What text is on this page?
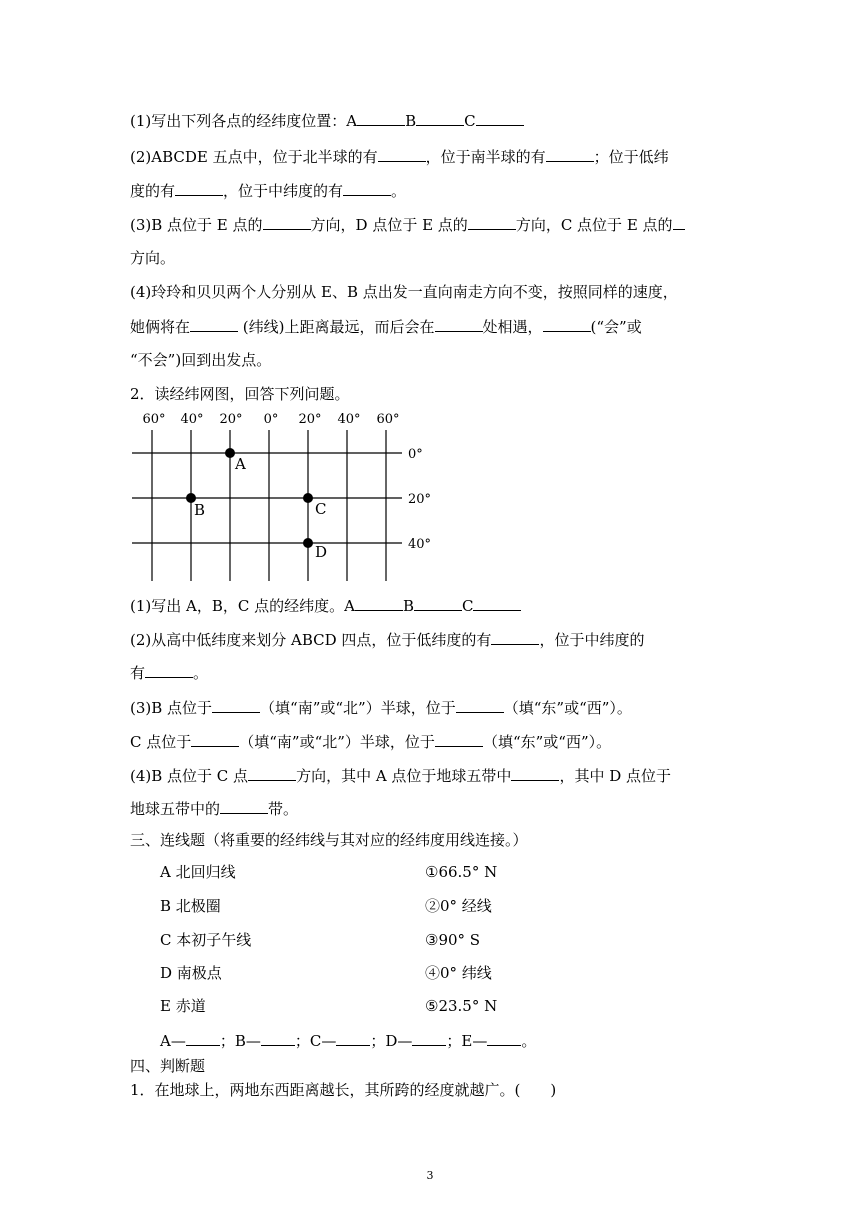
(1)写出下列各点的经纬度位置：A	B	C
(2)ABCDE 五点中，位于北半球的有	，位于南半球的有	；位于低纬
度的有	，位于中纬度的有	。
(3)B 点位于 E 点的	方向，D 点位于 E 点的	方向，C 点位于 E 点的
方向。
(4)玲玲和贝贝两个人分别从 E、B 点出发一直向南走方向不变，按照同样的速度，
她俩将在	(纬线)上距离最远，而后会在	处相遇，	(“会”或
“不会”)回到出发点。
2．读经纬网图，回答下列问题。
60° 40° 20° 0° 20° 40° 60°
0°
20°
40°
A
B	C
D
(1)写出 A，B，C 点的经纬度。A	B	C
(2)从高中低纬度来划分 ABCD 四点，位于低纬度的有	，位于中纬度的
有	。
(3)B 点位于	（填“南”或“北”）半球，位于	（填“东”或“西”）。
C 点位于	（填“南”或“北”）半球，位于	（填“东”或“西”）。
(4)B 点位于 C 点	方向，其中 A 点位于地球五带中	，其中 D 点位于
地球五带中的	带。
三、连线题（将重要的经纬线与其对应的经纬度用线连接。）
A 北回归线	①66.5° N
B 北极圈	②0° 经线
C 本初子午线	③90° S
D 南极点	④0° 纬线
E 赤道	⑤23.5° N
A— ；B— ；C— ；D— ；E— 。
四、判断题
1．在地球上，两地东西距离越长，其所跨的经度就越广。(　　)
3
